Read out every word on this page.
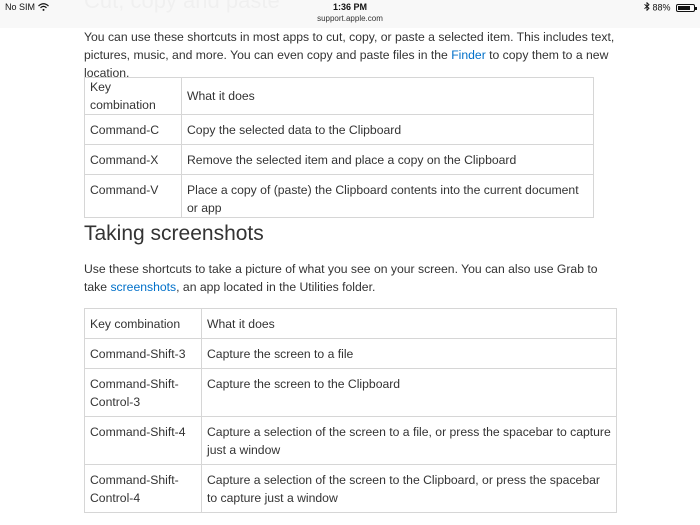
You can use these shortcuts in most apps to cut, copy, or paste a selected item. This includes text, pictures, music, and more. You can even copy and paste files in the Finder to copy them to a new location.

Key combination	What it does
Command-C	Copy the selected data to the Clipboard
Command-X	Remove the selected item and place a copy on the Clipboard
Command-V	Place a copy of (paste) the Clipboard contents into the current document or app
Taking screenshots

Use these shortcuts to take a picture of what you see on your screen. You can also use Grab to take screenshots, an app located in the Utilities folder.

Key combination	What it does
Command-Shift-3	Capture the screen to a file
Command-Shift-Control-3	Capture the screen to the Clipboard
Command-Shift-4	Capture a selection of the screen to a file, or press the spacebar to capture just a window
Command-Shift-Control-4	Capture a selection of the screen to the Clipboard, or press the spacebar to capture just a window
No SIM	1:36 PM
support.apple.com
88%
